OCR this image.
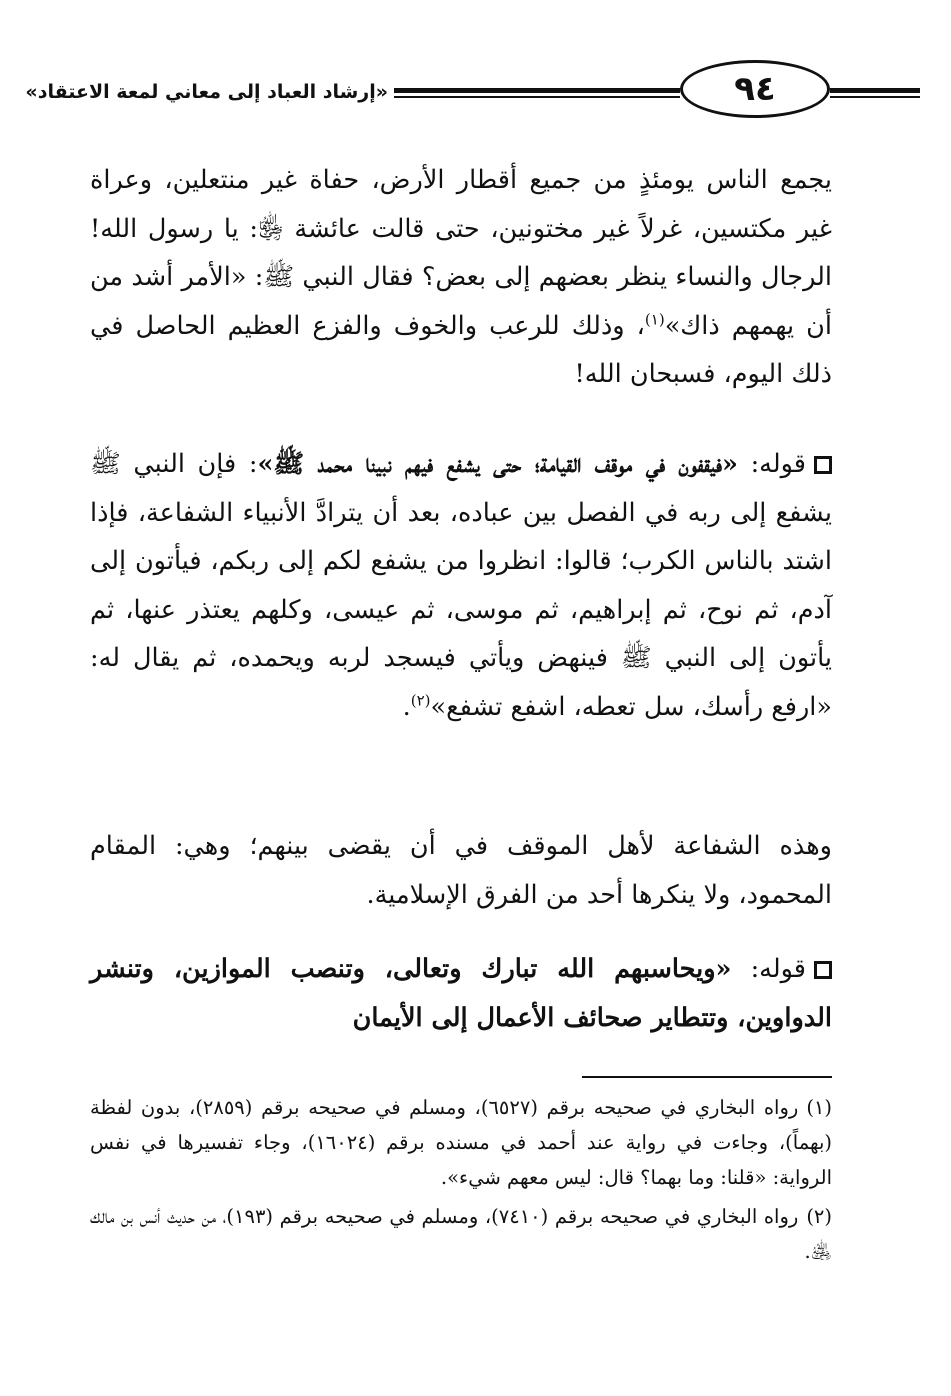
«إرشاد العباد إلى معاني لمعة الاعتقاد»	٩٤
يجمع الناس يومئذٍ من جميع أقطار الأرض، حفاة غير منتعلين، وعراة غير مكتسين، غرلاً غير مختونين، حتى قالت عائشة ﵂: يا رسول الله! الرجال والنساء ينظر بعضهم إلى بعض؟ فقال النبي ﷺ: «الأمر أشد من أن يهمهم ذاك»$^{(١)}$، وذلك للرعب والخوف والفزع العظيم الحاصل في ذلك اليوم، فسبحان الله!
قوله: «فيقفون في موقف القيامة؛ حتى يشفع فيهم نبينا محمد ﷺ»: فإن النبي ﷺ يشفع إلى ربه في الفصل بين عباده، بعد أن يترادَّ الأنبياء الشفاعة، فإذا اشتد بالناس الكرب؛ قالوا: انظروا من يشفع لكم إلى ربكم، فيأتون إلى آدم، ثم نوح، ثم إبراهيم، ثم موسى، ثم عيسى، وكلهم يعتذر عنها، ثم يأتون إلى النبي ﷺ فينهض ويأتي فيسجد لربه ويحمده، ثم يقال له: «ارفع رأسك، سل تعطه، اشفع تشفع»$^{(٢)}$.
وهذه الشفاعة لأهل الموقف في أن يقضى بينهم؛ وهي: المقام المحمود، ولا ينكرها أحد من الفرق الإسلامية.
قوله: «ويحاسبهم الله تبارك وتعالى، وتنصب الموازين، وتنشر الدواوين، وتتطاير صحائف الأعمال إلى الأيمان
(١)رواه البخاري في صحيحه برقم (٦٥٢٧)، ومسلم في صحيحه برقم (٢٨٥٩)، بدون لفظة (بهماً)، وجاءت في رواية عند أحمد في مسنده برقم (١٦٠٢٤)، وجاء تفسيرها في نفس الرواية: «قلنا: وما بهما؟ قال: ليس معهم شيء».
(٢)رواه البخاري في صحيحه برقم (٧٤١٠)، ومسلم في صحيحه برقم (١٩٣)، من حديث أنس بن مالك ﵁.
